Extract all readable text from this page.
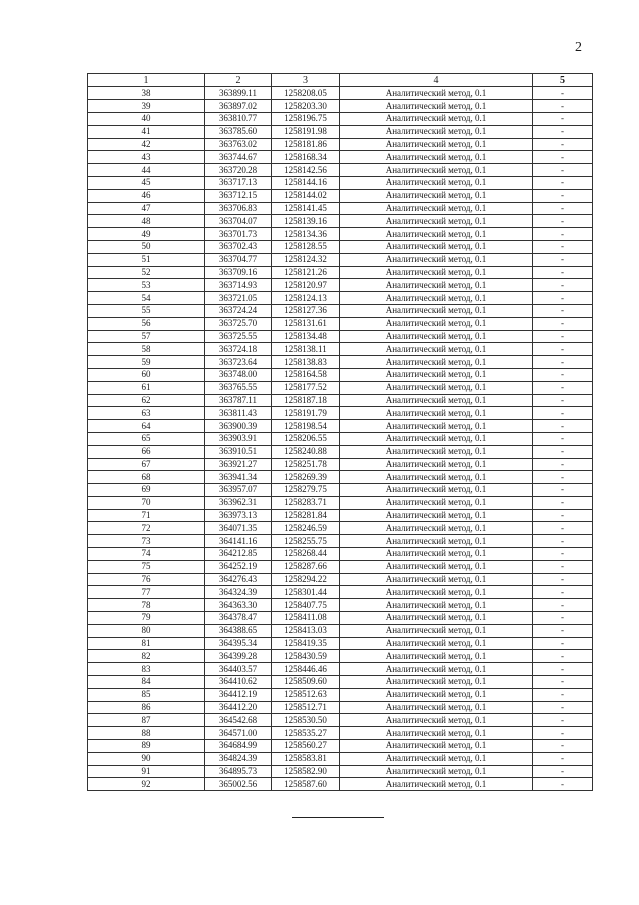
2
1	2	3	4	5
38	363899.11	1258208.05	Аналитический метод, 0.1	-
39	363897.02	1258203.30	Аналитический метод, 0.1	-
40	363810.77	1258196.75	Аналитический метод, 0.1	-
41	363785.60	1258191.98	Аналитический метод, 0.1	-
42	363763.02	1258181.86	Аналитический метод, 0.1	-
43	363744.67	1258168.34	Аналитический метод, 0.1	-
44	363720.28	1258142.56	Аналитический метод, 0.1	-
45	363717.13	1258144.16	Аналитический метод, 0.1	-
46	363712.15	1258144.02	Аналитический метод, 0.1	-
47	363706.83	1258141.45	Аналитический метод, 0.1	-
48	363704.07	1258139.16	Аналитический метод, 0.1	-
49	363701.73	1258134.36	Аналитический метод, 0.1	-
50	363702.43	1258128.55	Аналитический метод, 0.1	-
51	363704.77	1258124.32	Аналитический метод, 0.1	-
52	363709.16	1258121.26	Аналитический метод, 0.1	-
53	363714.93	1258120.97	Аналитический метод, 0.1	-
54	363721.05	1258124.13	Аналитический метод, 0.1	-
55	363724.24	1258127.36	Аналитический метод, 0.1	-
56	363725.70	1258131.61	Аналитический метод, 0.1	-
57	363725.55	1258134.48	Аналитический метод, 0.1	-
58	363724.18	1258138.11	Аналитический метод, 0.1	-
59	363723.64	1258138.83	Аналитический метод, 0.1	-
60	363748.00	1258164.58	Аналитический метод, 0.1	-
61	363765.55	1258177.52	Аналитический метод, 0.1	-
62	363787.11	1258187.18	Аналитический метод, 0.1	-
63	363811.43	1258191.79	Аналитический метод, 0.1	-
64	363900.39	1258198.54	Аналитический метод, 0.1	-
65	363903.91	1258206.55	Аналитический метод, 0.1	-
66	363910.51	1258240.88	Аналитический метод, 0.1	-
67	363921.27	1258251.78	Аналитический метод, 0.1	-
68	363941.34	1258269.39	Аналитический метод, 0.1	-
69	363957.07	1258279.75	Аналитический метод, 0.1	-
70	363962.31	1258283.71	Аналитический метод, 0.1	-
71	363973.13	1258281.84	Аналитический метод, 0.1	-
72	364071.35	1258246.59	Аналитический метод, 0.1	-
73	364141.16	1258255.75	Аналитический метод, 0.1	-
74	364212.85	1258268.44	Аналитический метод, 0.1	-
75	364252.19	1258287.66	Аналитический метод, 0.1	-
76	364276.43	1258294.22	Аналитический метод, 0.1	-
77	364324.39	1258301.44	Аналитический метод, 0.1	-
78	364363.30	1258407.75	Аналитический метод, 0.1	-
79	364378.47	1258411.08	Аналитический метод, 0.1	-
80	364388.65	1258413.03	Аналитический метод, 0.1	-
81	364395.34	1258419.35	Аналитический метод, 0.1	-
82	364399.28	1258430.59	Аналитический метод, 0.1	-
83	364403.57	1258446.46	Аналитический метод, 0.1	-
84	364410.62	1258509.60	Аналитический метод, 0.1	-
85	364412.19	1258512.63	Аналитический метод, 0.1	-
86	364412.20	1258512.71	Аналитический метод, 0.1	-
87	364542.68	1258530.50	Аналитический метод, 0.1	-
88	364571.00	1258535.27	Аналитический метод, 0.1	-
89	364684.99	1258560.27	Аналитический метод, 0.1	-
90	364824.39	1258583.81	Аналитический метод, 0.1	-
91	364895.73	1258582.90	Аналитический метод, 0.1	-
92	365002.56	1258587.60	Аналитический метод, 0.1	-
